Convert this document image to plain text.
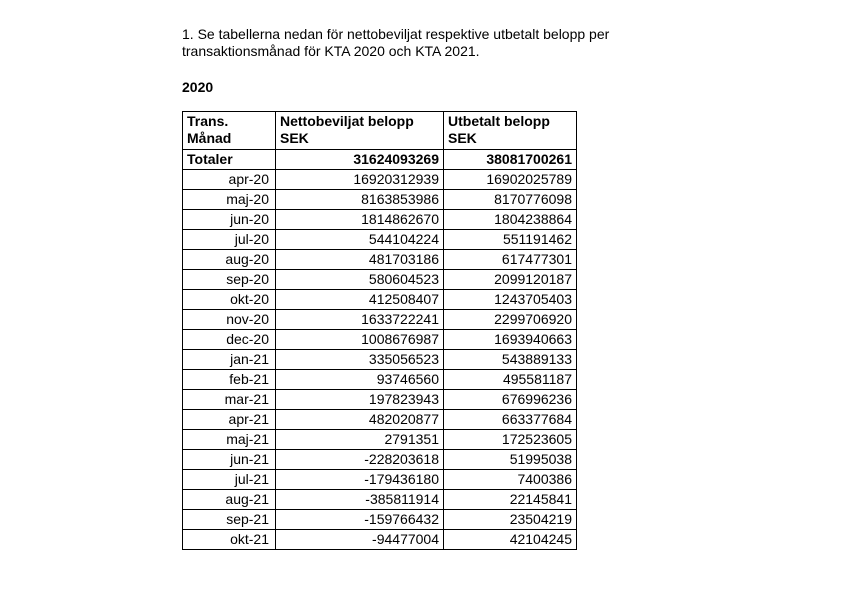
1. Se tabellerna nedan för nettobeviljat respektive utbetalt belopp per transaktionsmånad för KTA 2020 och KTA 2021.

2020

Trans. Månad	Nettobeviljat belopp SEK	Utbetalt belopp SEK
Totaler	31624093269	38081700261
apr-20	16920312939	16902025789
maj-20	8163853986	8170776098
jun-20	1814862670	1804238864
jul-20	544104224	551191462
aug-20	481703186	617477301
sep-20	580604523	2099120187
okt-20	412508407	1243705403
nov-20	1633722241	2299706920
dec-20	1008676987	1693940663
jan-21	335056523	543889133
feb-21	93746560	495581187
mar-21	197823943	676996236
apr-21	482020877	663377684
maj-21	2791351	172523605
jun-21	-228203618	51995038
jul-21	-179436180	7400386
aug-21	-385811914	22145841
sep-21	-159766432	23504219
okt-21	-94477004	42104245
